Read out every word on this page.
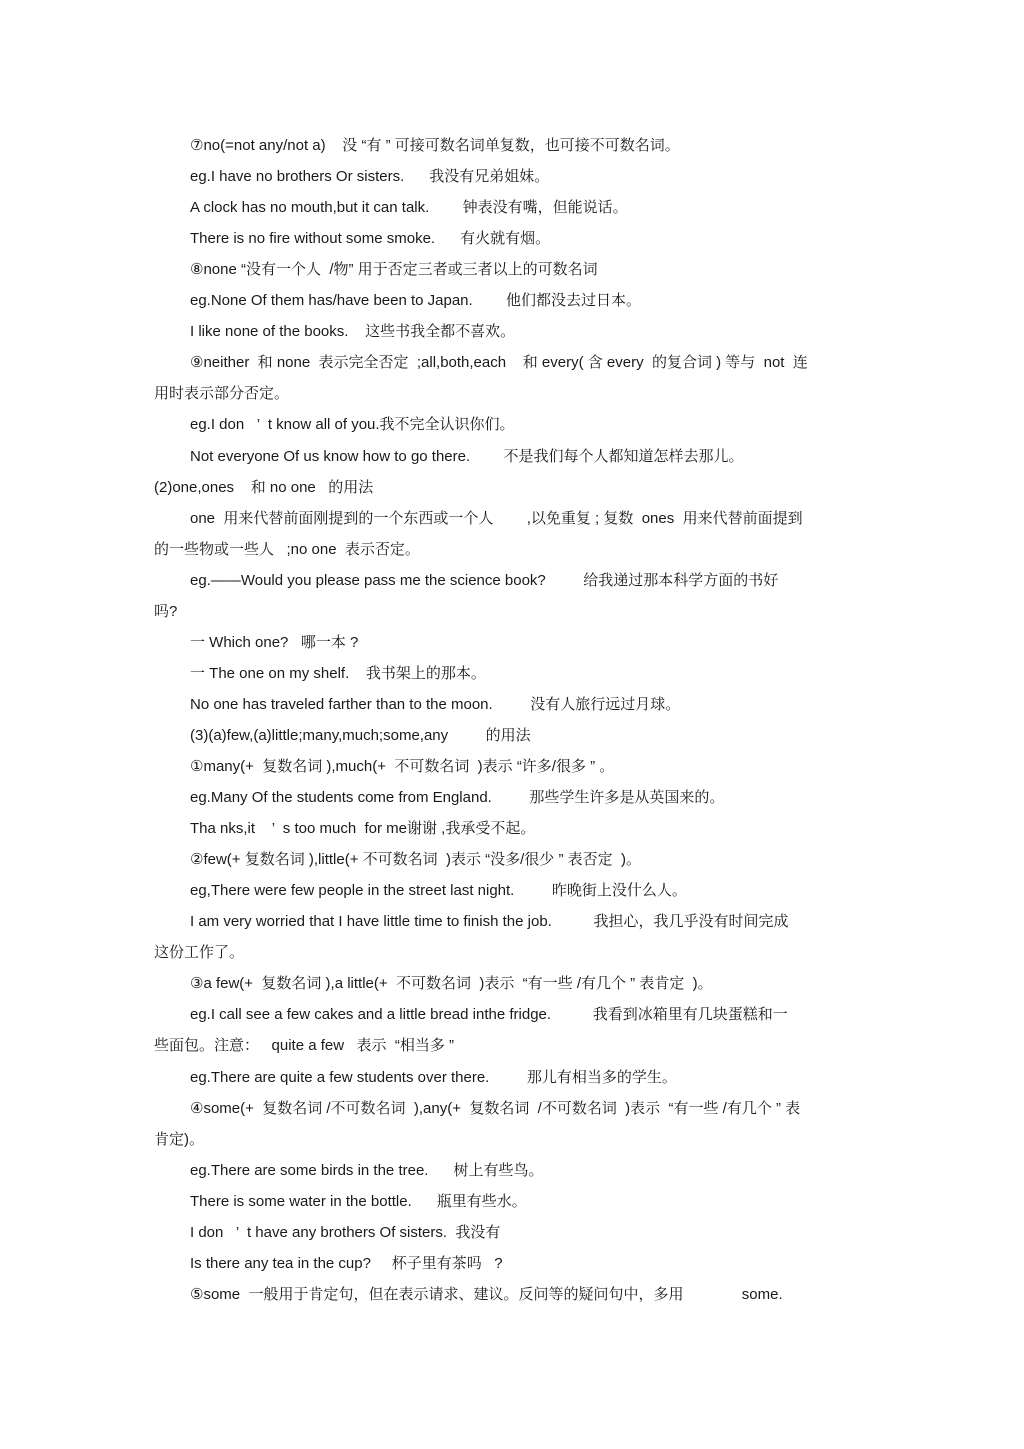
⑦no(=not any/not a)    没 “有 ” 可接可数名词单复数，也可接不可数名词。
eg.I have no brothers Or sisters.      我没有兄弟姐妹。
A clock has no mouth,but it can talk.        钟表没有嘴，但能说话。
There is no fire without some smoke.      有火就有烟。
⑧none “没有一个人  /物” 用于否定三者或三者以上的可数名词
eg.None Of them has/have been to Japan.        他们都没去过日本。
I like none of the books.    这些书我全都不喜欢。
⑨neither  和 none  表示完全否定  ;all,both,each    和 every( 含 every  的复合词 ) 等与  not  连
用时表示部分否定。
eg.I don   ’  t know all of you.我不完全认识你们。
Not everyone Of us know how to go there.        不是我们每个人都知道怎样去那儿。
(2)one,ones    和 no one   的用法
one  用来代替前面刚提到的一个东西或一个人        ,以免重复 ; 复数  ones  用来代替前面提到
的一些物或一些人   ;no one  表示否定。
eg.——Would you please pass me the science book?         给我递过那本科学方面的书好
吗?
一 Which one?   哪一本 ?
一 The one on my shelf.    我书架上的那本。
No one has traveled farther than to the moon.         没有人旅行远过月球。
(3)(a)few,(a)little;many,much;some,any         的用法
①many(+  复数名词 ),much(+  不可数名词  )表示 “许多/很多 ” 。
eg.Many Of the students come from England.         那些学生许多是从英国来的。
Tha nks,it    ’  s too much  for me谢谢 ,我承受不起。
②few(+ 复数名词 ),little(+ 不可数名词  )表示 “没多/很少 ” 表否定  )。
eg,There were few people in the street last night.         昨晚街上没什么人。
I am very worried that I have little time to finish the job.          我担心，我几乎没有时间完成
这份工作了。
③a few(+  复数名词 ),a little(+  不可数名词  )表示  “有一些 /有几个 ” 表肯定  )。
eg.I call see a few cakes and a little bread inthe fridge.          我看到冰箱里有几块蛋糕和一
些面包。注意：   quite a few   表示  “相当多 ”
eg.There are quite a few students over there.         那儿有相当多的学生。
④some(+  复数名词 /不可数名词  ),any(+  复数名词  /不可数名词  )表示  “有一些 /有几个 ” 表
肯定)。
eg.There are some birds in the tree.      树上有些鸟。
There is some water in the bottle.      瓶里有些水。
I don   ’  t have any brothers Of sisters.  我没有
Is there any tea in the cup?     杯子里有茶吗   ?
⑤some  一般用于肯定句，但在表示请求、建议。反问等的疑问句中，多用              some.
